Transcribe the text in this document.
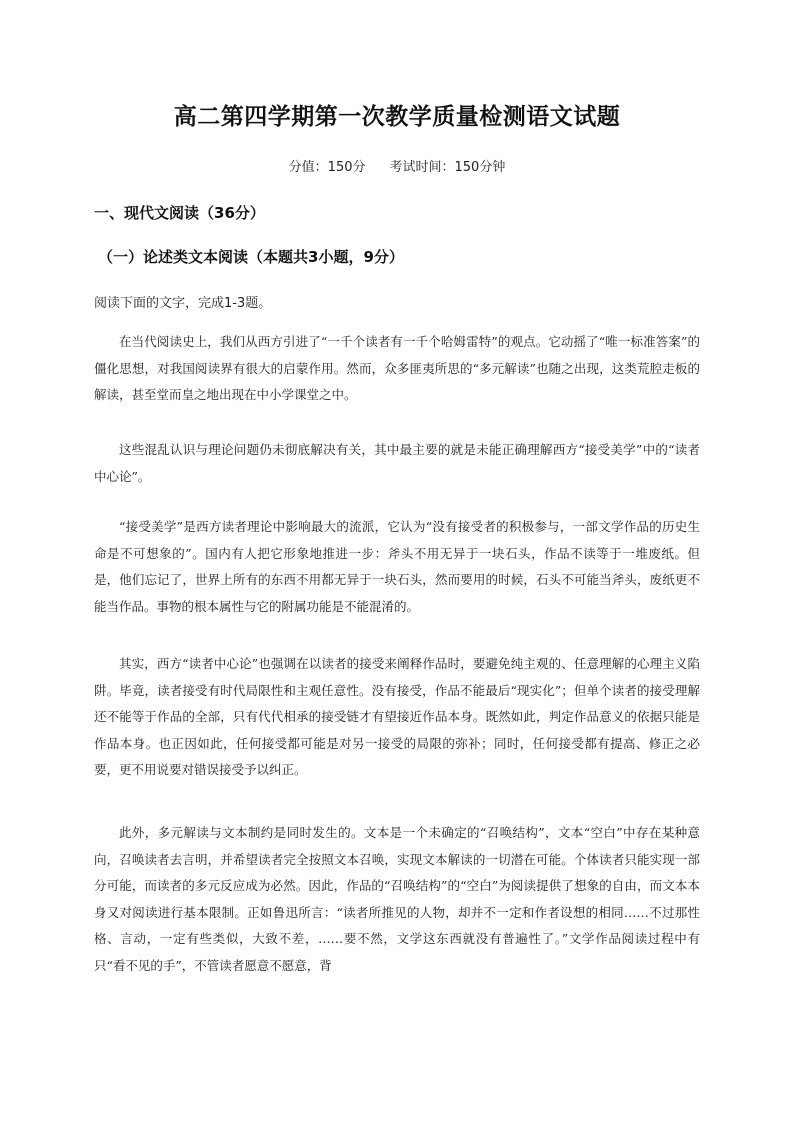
高二第四学期第一次教学质量检测语文试题
分值：150分 考试时间：150分钟
一、现代文阅读（36分）
（一）论述类文本阅读（本题共3小题，9分）
阅读下面的文字，完成1-3题。

在当代阅读史上，我们从西方引进了“一千个读者有一千个哈姆雷特”的观点。它动摇了“唯一标准答案”的僵化思想，对我国阅读界有很大的启蒙作用。然而，众多匪夷所思的“多元解读”也随之出现，这类荒腔走板的解读，甚至堂而皇之地出现在中小学课堂之中。

这些混乱认识与理论问题仍未彻底解决有关，其中最主要的就是未能正确理解西方“接受美学”中的“读者中心论”。

“接受美学”是西方读者理论中影响最大的流派，它认为“没有接受者的积极参与，一部文学作品的历史生命是不可想象的”。国内有人把它形象地推进一步：斧头不用无异于一块石头，作品不读等于一堆废纸。但是，他们忘记了，世界上所有的东西不用都无异于一块石头，然而要用的时候，石头不可能当斧头，废纸更不能当作品。事物的根本属性与它的附属功能是不能混淆的。

其实，西方“读者中心论”也强调在以读者的接受来阐释作品时，要避免纯主观的、任意理解的心理主义陷阱。毕竟，读者接受有时代局限性和主观任意性。没有接受，作品不能最后“现实化”；但单个读者的接受理解还不能等于作品的全部，只有代代相承的接受链才有望接近作品本身。既然如此，判定作品意义的依据只能是作品本身。也正因如此，任何接受都可能是对另一接受的局限的弥补；同时，任何接受都有提高、修正之必要，更不用说要对错误接受予以纠正。

此外，多元解读与文本制约是同时发生的。文本是一个未确定的“召唤结构”，文本“空白”中存在某种意向，召唤读者去言明，并希望读者完全按照文本召唤，实现文本解读的一切潜在可能。个体读者只能实现一部分可能，而读者的多元反应成为必然。因此，作品的“召唤结构”的“空白”为阅读提供了想象的自由，而文本本身又对阅读进行基本限制。正如鲁迅所言：“读者所推见的人物，却并不一定和作者设想的相同……不过那性格、言动，一定有些类似，大致不差，……要不然，文学这东西就没有普遍性了。”文学作品阅读过程中有只“看不见的手”，不管读者愿意不愿意，背
